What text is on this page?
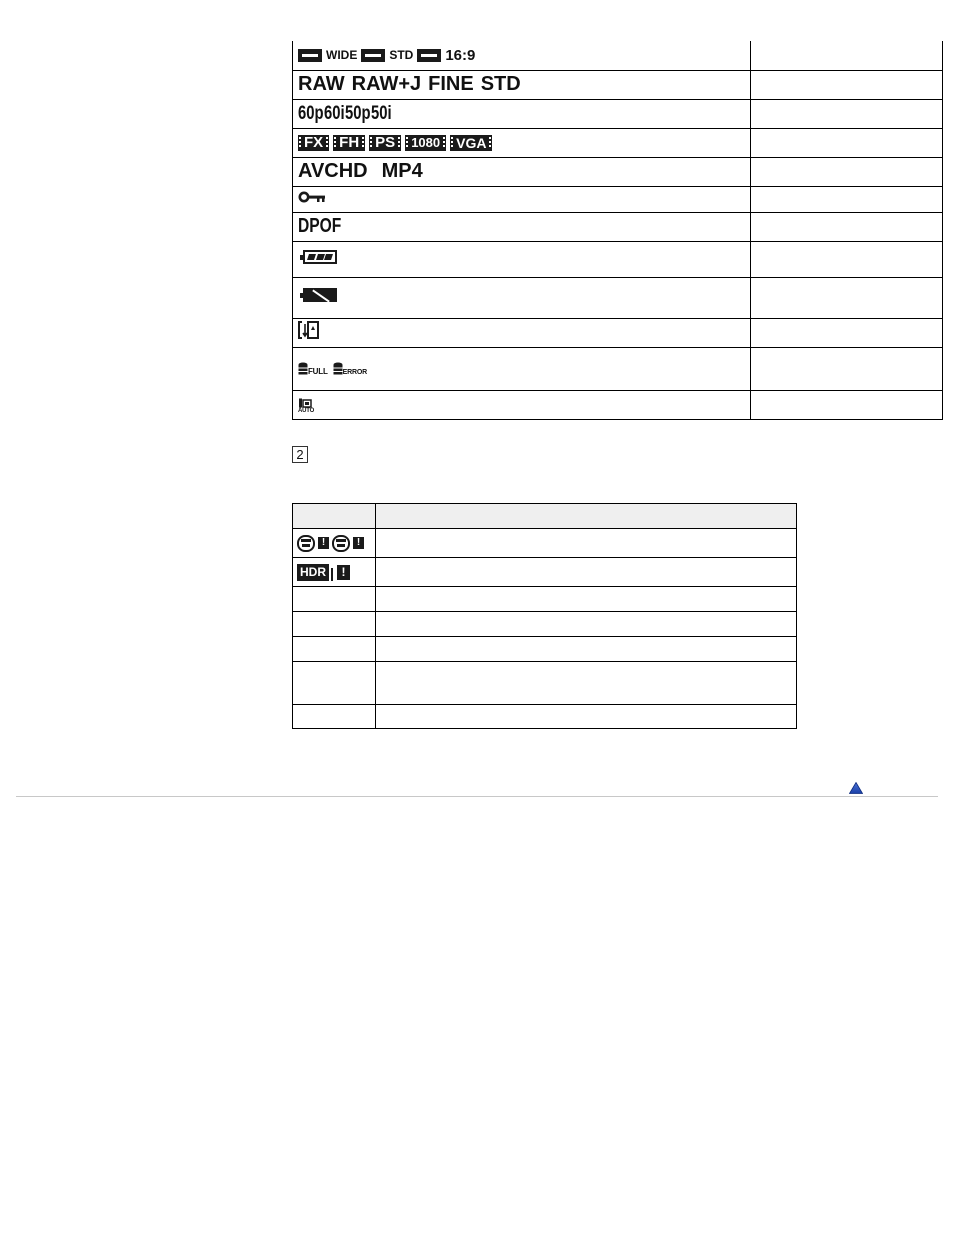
WIDE STD 16:9	

RAW RAW+J FINE STD	

60p 60i 50p 50i	

FX FH PS 1080 VGA	

AVCHD MP4	

DPOF	

FULL ERROR	

AUTO	

2

! !	

HDR !	
